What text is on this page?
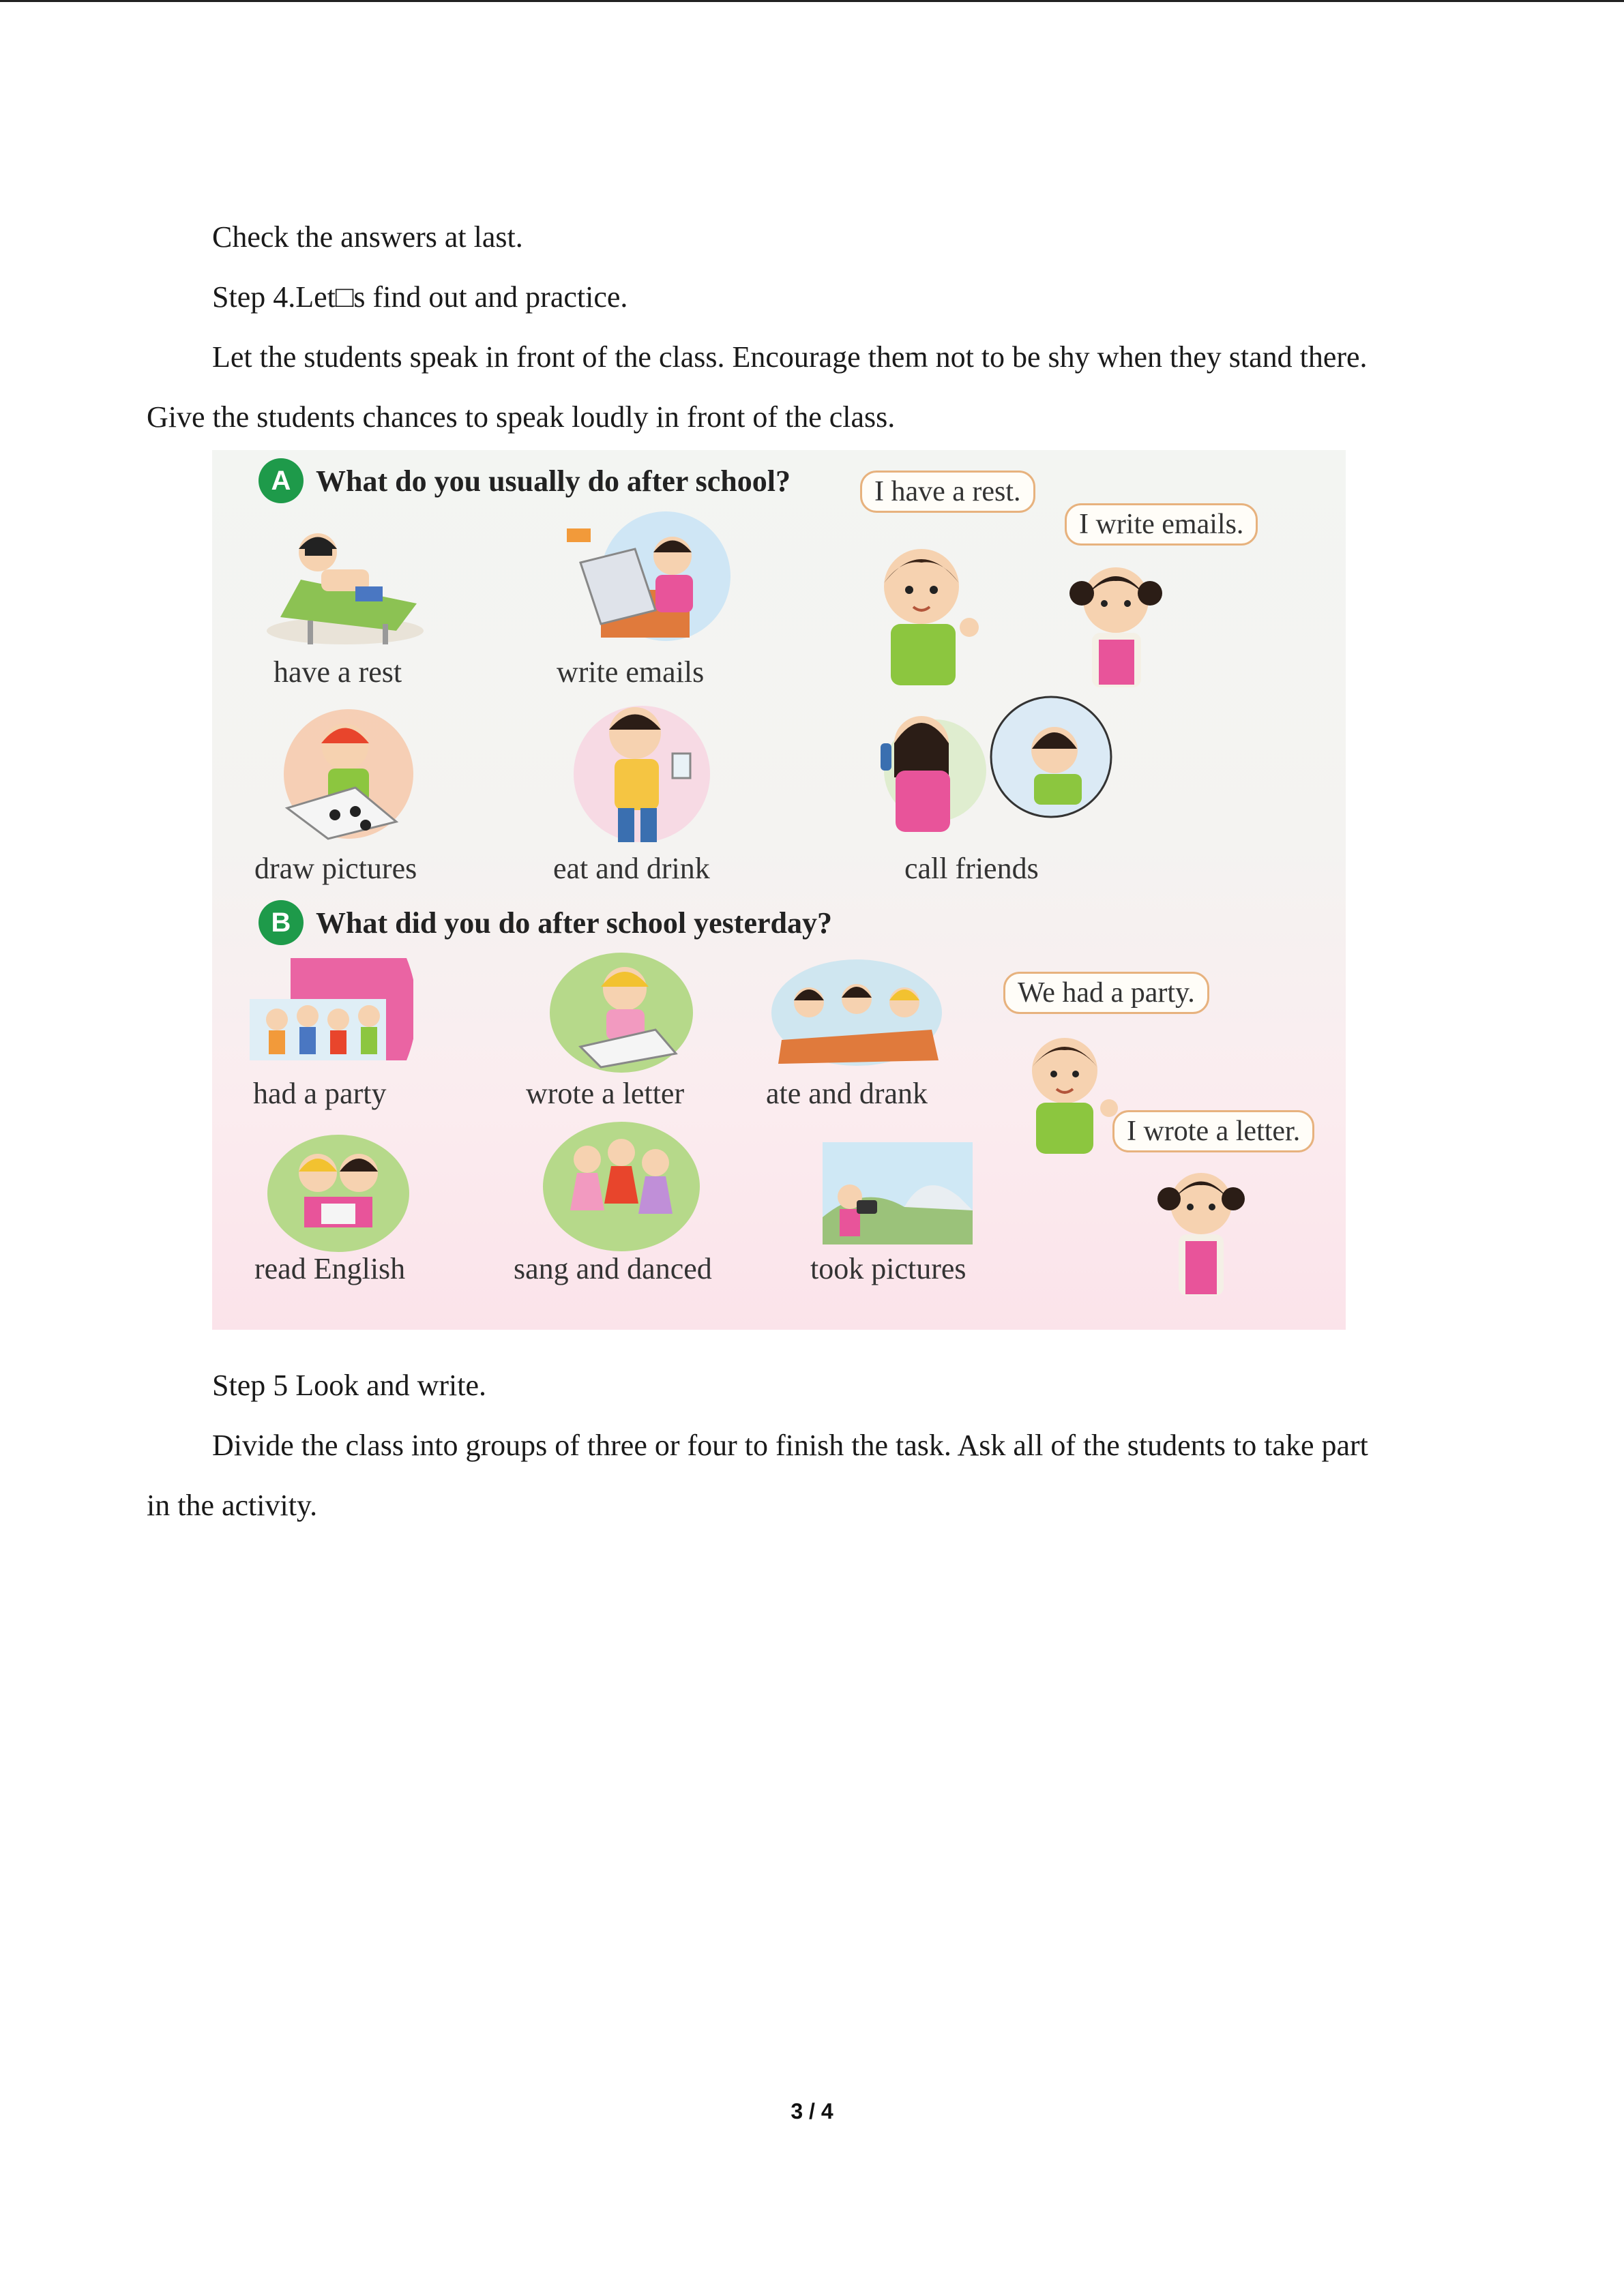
Check the answers at last.

Step 4.Let□s find out and practice.

Let the students speak in front of the class. Encourage them not to be shy when they stand there.

Give the students chances to speak loudly in front of the class.

A What do you usually do after school?
have a rest	write emails
I have a rest.
I write emails.
draw pictures	eat and drink	call friends
B What did you do after school yesterday?
had a party	wrote a letter	ate and drank
We had a party.
read English	sang and danced	took pictures
I wrote a letter.

Step 5 Look and write.

Divide the class into groups of three or four to finish the task. Ask all of the students to take part

in the activity.

3 / 4
